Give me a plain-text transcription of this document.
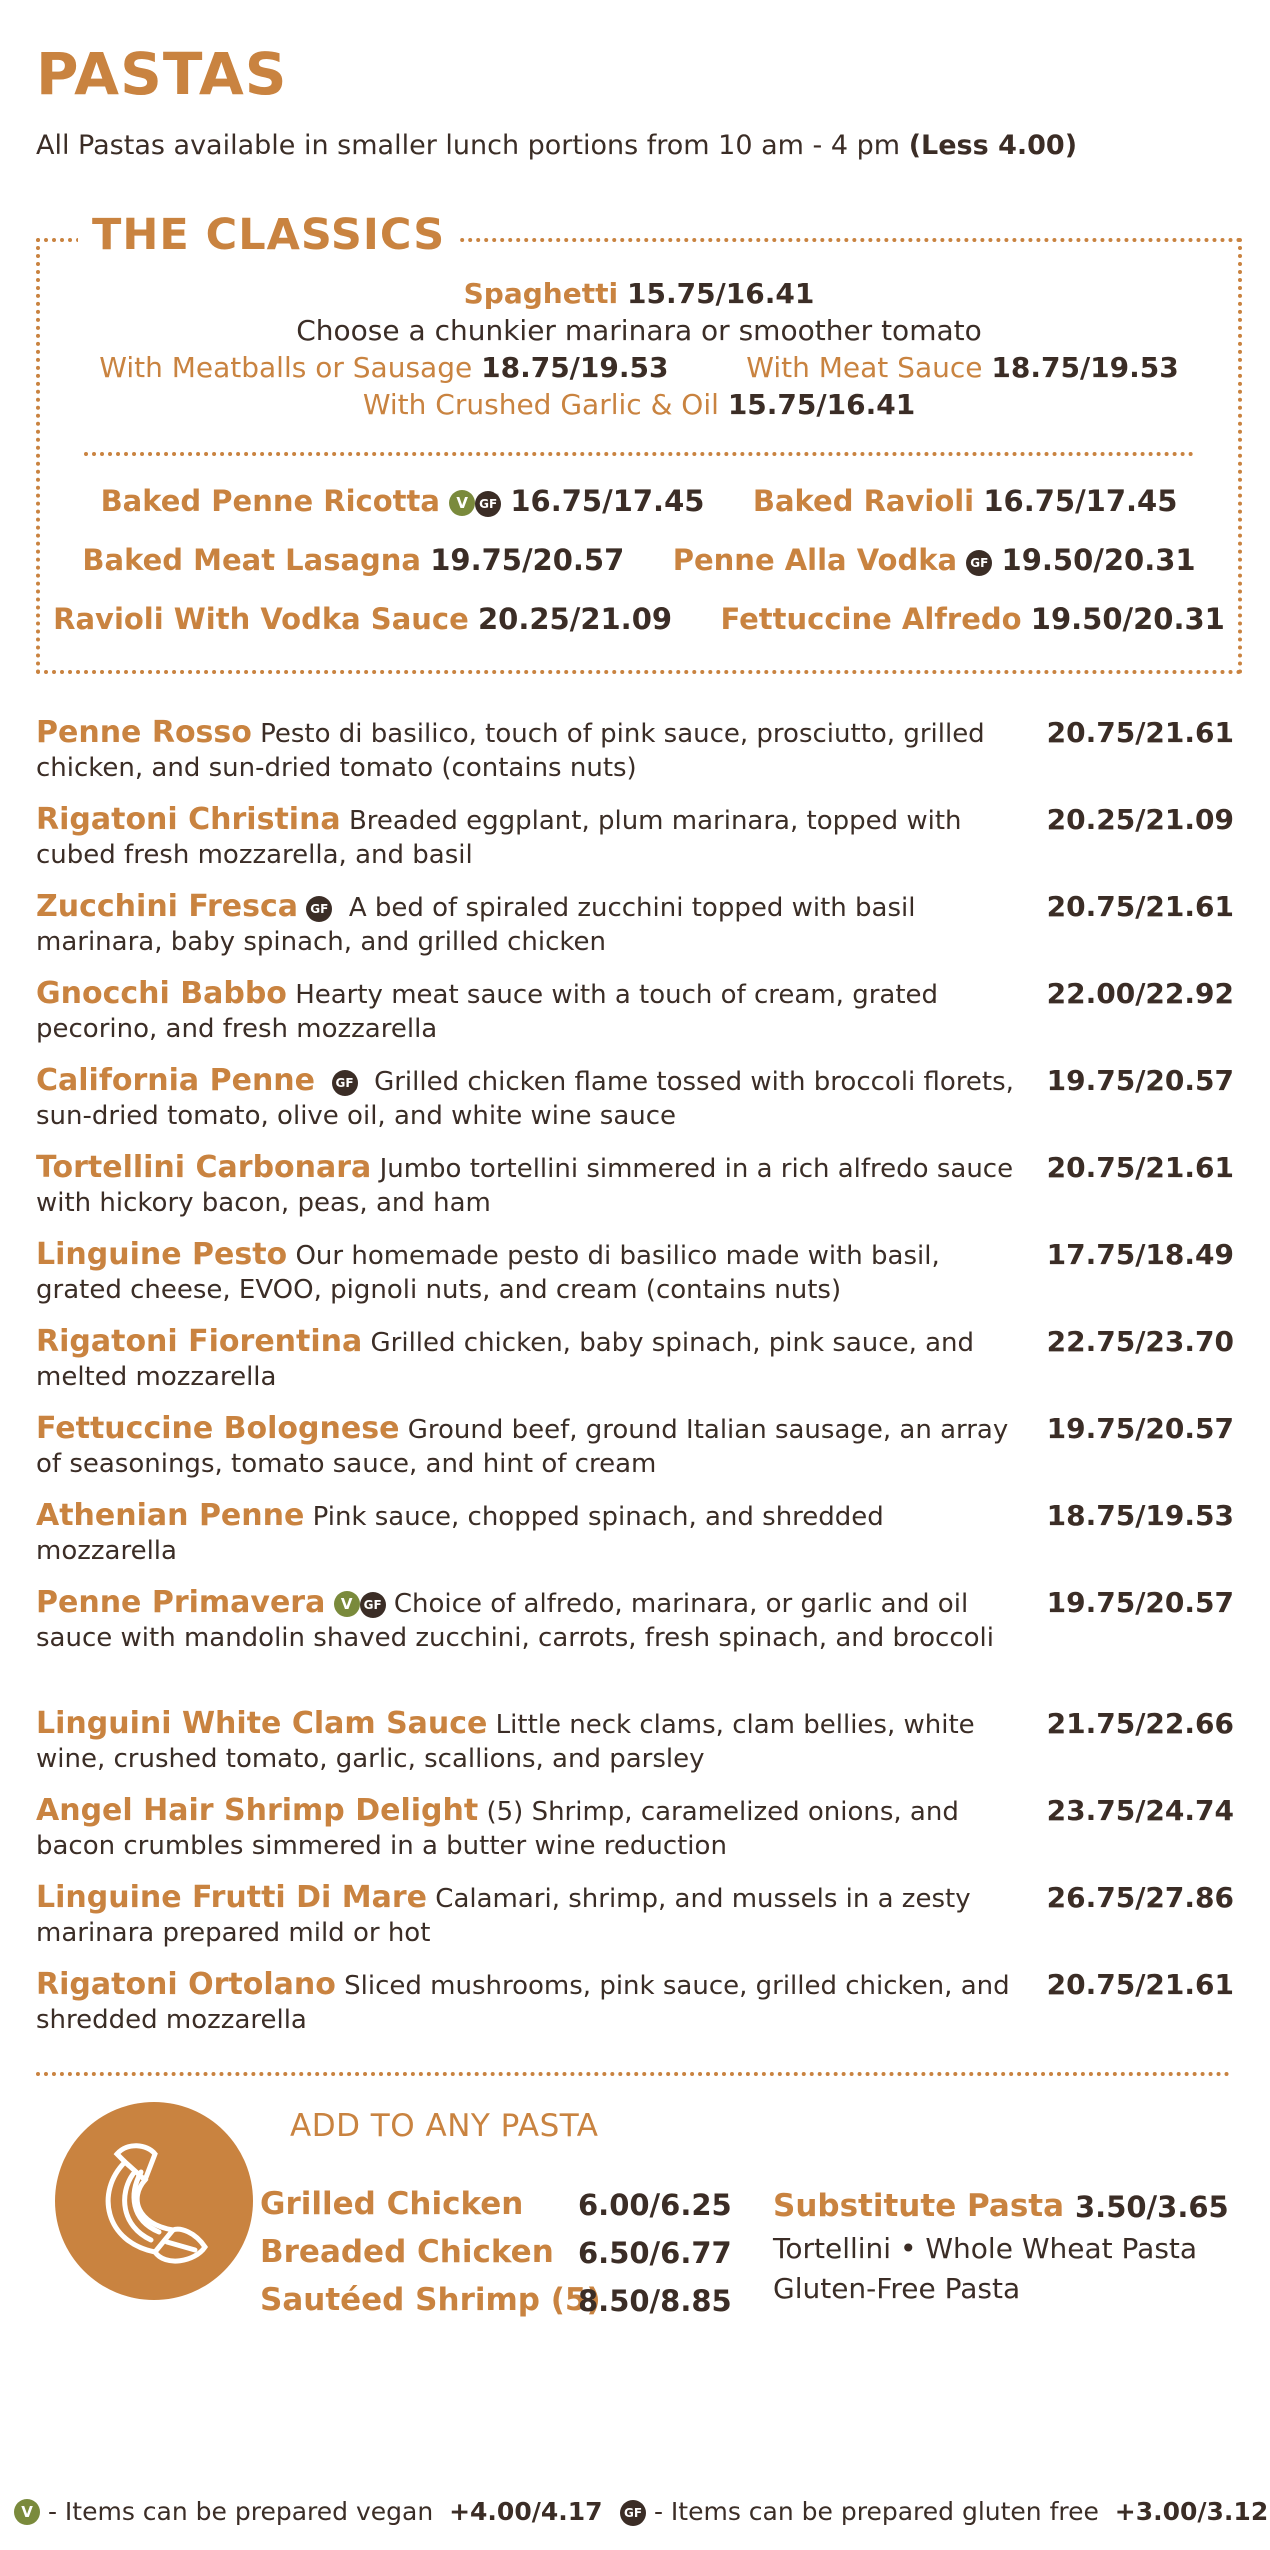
PASTAS
All Pastas available in smaller lunch portions from 10 am - 4 pm (Less 4.00)
THE CLASSICS
Spaghetti 15.75/16.41
Choose a chunkier marinara or smoother tomato
With Meatballs or Sausage 18.75/19.53	With Meat Sauce 18.75/19.53
With Crushed Garlic & Oil 15.75/16.41
Baked Penne Ricotta V GF 16.75/17.45 Baked Ravioli 16.75/17.45
Baked Meat Lasagna 19.75/20.57 Penne Alla Vodka GF 19.50/20.31
Ravioli With Vodka Sauce 20.25/21.09 Fettuccine Alfredo 19.50/20.31
Penne Rosso Pesto di basilico, touch of pink sauce, prosciutto, grilled chicken, and sun-dried tomato (contains nuts)
20.75/21.61
Rigatoni Christina Breaded eggplant, plum marinara, topped with cubed fresh mozzarella, and basil
20.25/21.09
Zucchini Fresca GF A bed of spiraled zucchini topped with basil marinara, baby spinach, and grilled chicken
20.75/21.61
Gnocchi Babbo Hearty meat sauce with a touch of cream, grated pecorino, and fresh mozzarella
22.00/22.92
California Penne GF Grilled chicken flame tossed with broccoli florets, sun-dried tomato, olive oil, and white wine sauce
19.75/20.57
Tortellini Carbonara Jumbo tortellini simmered in a rich alfredo sauce with hickory bacon, peas, and ham
20.75/21.61
Linguine Pesto Our homemade pesto di basilico made with basil, grated cheese, EVOO, pignoli nuts, and cream (contains nuts)
17.75/18.49
Rigatoni Fiorentina Grilled chicken, baby spinach, pink sauce, and melted mozzarella
22.75/23.70
Fettuccine Bolognese Ground beef, ground Italian sausage, an array of seasonings, tomato sauce, and hint of cream
19.75/20.57
Athenian Penne Pink sauce, chopped spinach, and shredded mozzarella
18.75/19.53
Penne Primavera V GF Choice of alfredo, marinara, or garlic and oil sauce with mandolin shaved zucchini, carrots, fresh spinach, and broccoli
19.75/20.57
Linguini White Clam Sauce Little neck clams, clam bellies, white wine, crushed tomato, garlic, scallions, and parsley
21.75/22.66
Angel Hair Shrimp Delight (5) Shrimp, caramelized onions, and bacon crumbles simmered in a butter wine reduction
23.75/24.74
Linguine Frutti Di Mare Calamari, shrimp, and mussels in a zesty marinara prepared mild or hot
26.75/27.86
Rigatoni Ortolano Sliced mushrooms, pink sauce, grilled chicken, and shredded mozzarella
20.75/21.61
ADD TO ANY PASTA
Grilled Chicken 6.00/6.25
Breaded Chicken 6.50/6.77
Sautéed Shrimp (5)
8.50/8.85
Substitute Pasta 3.50/3.65
Tortellini • Whole Wheat Pasta
Gluten-Free Pasta
V - Items can be prepared vegan +4.00/4.17	GF - Items can be prepared gluten free +3.00/3.12
